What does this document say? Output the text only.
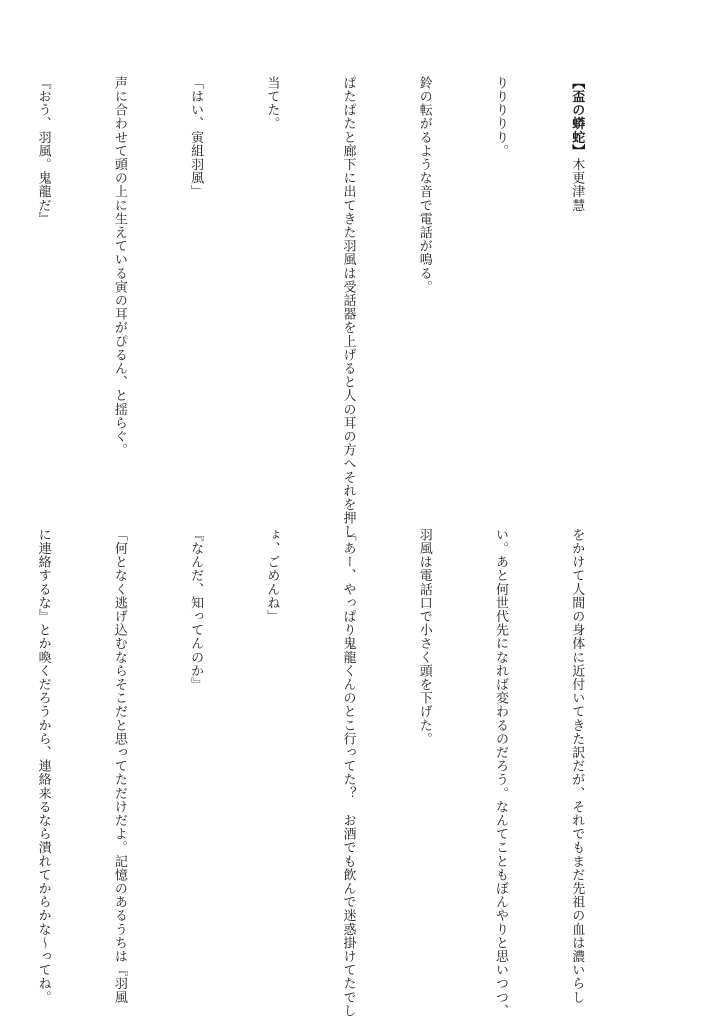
【盃の蟒蛇】木更津慧

りりりりり。

鈴の転がるような音で電話が鳴る。

ぱたぱたと廊下に出てきた羽風は受話器を上げると人の耳の方へそれを押し

当てた。

「はい、寅組羽風」

声に合わせて頭の上に生えている寅の耳がぴるん、と揺らぐ。

『おう、羽風。鬼龍だ』

をかけて人間の身体に近付いてきた訳だが、それでもまだ先祖の血は濃いらし

い。あと何世代先になれば変わるのだろう。なんてこともぼんやりと思いつつ、

羽風は電話口で小さく頭を下げた。

「あー、やっぱり鬼龍くんのとこ行ってた？　お酒でも飲んで迷惑掛けてたでし

ょ、ごめんね」

『なんだ、知ってんのか』

「何となく逃げ込むならそこだと思ってただけだよ。記憶のあるうちは『羽風

に連絡するな』とか喚くだろうから、連絡来るなら潰れてからかな〜ってね。
